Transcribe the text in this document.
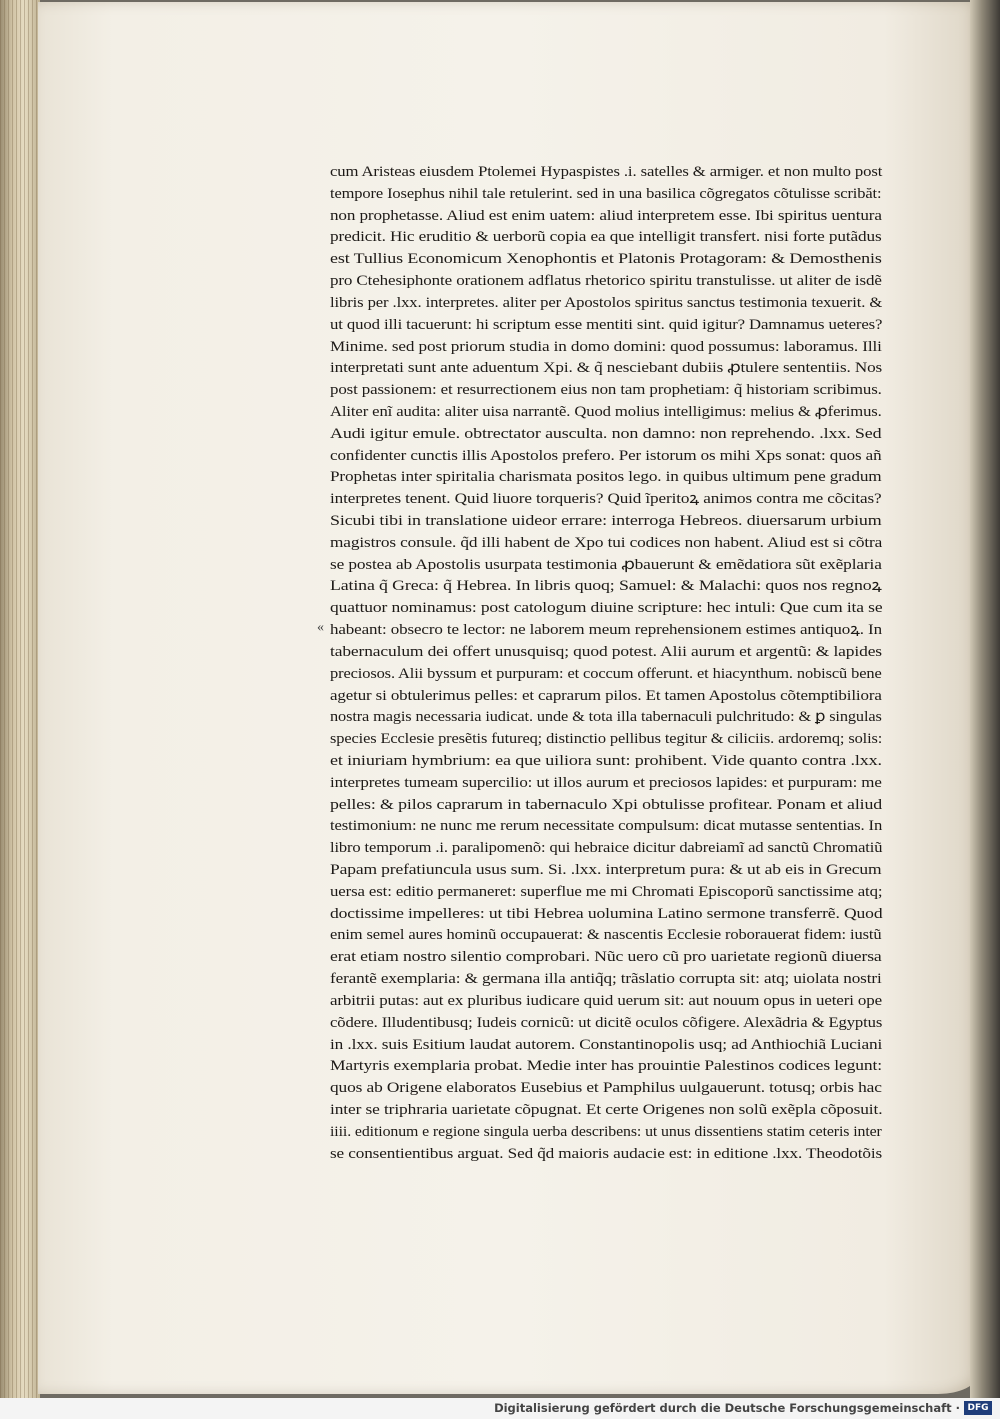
«
cum Aristeas eiusdem Ptolemei Hypaspistes .i. satelles & armiger. et non multo post
tempore Iosephus nihil tale retulerint. sed in una basilica cõgregatos cõtulisse scribăt:
non prophetasse. Aliud est enim uatem: aliud interpretem esse. Ibi spiritus uentura
predicit. Hic eruditio & uerborũ copia ea que intelligit transfert. nisi forte putãdus
est Tullius Economicum Xenophontis et Platonis Protagoram: & Demosthenis
pro Ctehesiphonte orationem adflatus rhetorico spiritu transtulisse. ut aliter de isdẽ
libris per .lxx. interpretes. aliter per Apostolos spiritus sanctus testimonia texuerit. &
ut quod illi tacuerunt: hi scriptum esse mentiti sint. quid igitur? Damnamus ueteres?
Minime. sed post priorum studia in domo domini: quod possumus: laboramus. Illi
interpretati sunt ante aduentum Xpi. & q̃ nesciebant dubiis ꝓtulere sententiis. Nos
post passionem: et resurrectionem eius non tam prophetiam: q̃ historiam scribimus.
Aliter enĩ audita: aliter uisa narrantẽ. Quod molius intelligimus: melius & ꝓferimus.
Audi igitur emule. obtrectator ausculta. non damno: non reprehendo. .lxx. Sed
confidenter cunctis illis Apostolos prefero. Per istorum os mihi Xps sonat: quos añ
Prophetas inter spiritalia charismata positos lego. in quibus ultimum pene gradum
interpretes tenent. Quid liuore torqueris? Quid ĩperitoꝝ animos contra me cõcitas?
Sicubi tibi in translatione uideor errare: interroga Hebreos. diuersarum urbium
magistros consule. q̃d illi habent de Xpo tui codices non habent. Aliud est si cõtra
se postea ab Apostolis usurpata testimonia ꝓbauerunt & emẽdatiora sũt exẽplaria
Latina q̃ Greca: q̃ Hebrea. In libris quoq; Samuel: & Malachi: quos nos regnoꝝ
quattuor nominamus: post catologum diuine scripture: hec intuli: Que cum ita se
habeant: obsecro te lector: ne laborem meum reprehensionem estimes antiquoꝝ. In
tabernaculum dei offert unusquisq; quod potest. Alii aurum et argentũ: & lapides
preciosos. Alii byssum et purpuram: et coccum offerunt. et hiacynthum. nobiscũ bene
agetur si obtulerimus pelles: et caprarum pilos. Et tamen Apostolus cõtemptibiliora
nostra magis necessaria iudicat. unde & tota illa tabernaculi pulchritudo: & ꝑ singulas
species Ecclesie presẽtis futureq; distinctio pellibus tegitur & ciliciis. ardoremq; solis:
et iniuriam hymbrium: ea que uiliora sunt: prohibent. Vide quanto contra .lxx.
interpretes tumeam supercilio: ut illos aurum et preciosos lapides: et purpuram: me
pelles: & pilos caprarum in tabernaculo Xpi obtulisse profitear. Ponam et aliud
testimonium: ne nunc me rerum necessitate compulsum: dicat mutasse sententias. In
libro temporum .i. paralipomenõ: qui hebraice dicitur dabreiamĩ ad sanctũ Chromatiũ
Papam prefatiuncula usus sum. Si. .lxx. interpretum pura: & ut ab eis in Grecum
uersa est: editio permaneret: superflue me mi Chromati Episcoporũ sanctissime atq;
doctissime impelleres: ut tibi Hebrea uolumina Latino sermone transferrẽ. Quod
enim semel aures hominũ occupauerat: & nascentis Ecclesie roborauerat fidem: iustũ
erat etiam nostro silentio comprobari. Nũc uero cũ pro uarietate regionũ diuersa
ferantẽ exemplaria: & germana illa antiq̃q; trãslatio corrupta sit: atq; uiolata nostri
arbitrii putas: aut ex pluribus iudicare quid uerum sit: aut nouum opus in ueteri ope
cõdere. Illudentibusq; Iudeis cornicũ: ut dicitẽ oculos cõfigere. Alexãdria & Egyptus
in .lxx. suis Esitium laudat autorem. Constantinopolis usq; ad Anthiochiã Luciani
Martyris exemplaria probat. Medie inter has prouintie Palestinos codices legunt:
quos ab Origene elaboratos Eusebius et Pamphilus uulgauerunt. totusq; orbis hac
inter se triphraria uarietate cõpugnat. Et certe Origenes non solũ exẽpla cõposuit.
iiii. editionum e regione singula uerba describens: ut unus dissentiens statim ceteris inter
se consentientibus arguat. Sed q̃d maioris audacie est: in editione .lxx. Theodotõis
Digitalisierung gefördert durch die Deutsche Forschungsgemeinschaft · DFG
